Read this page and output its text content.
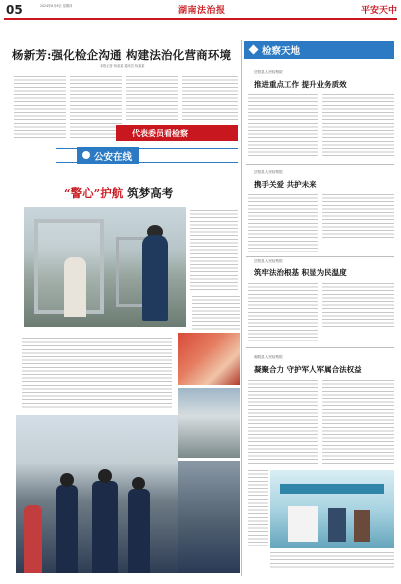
05	2024年6月6日 星期四	湖南法治报	平安天中
杨新芳:强化检企沟通 构建法治化营商环境
本报记者 杨某某 通讯员 杨某某
代表委员看检察
检察天地
岳阳县人民检察院
推进重点工作 提升业务质效
岳阳县人民检察院
携手关爱 共护未来
岳阳县人民检察院
筑牢法治根基 积显为民温度
湘阴县人民检察院
凝聚合力 守护军人军属合法权益
公安在线
“警心”护航 筑梦高考
